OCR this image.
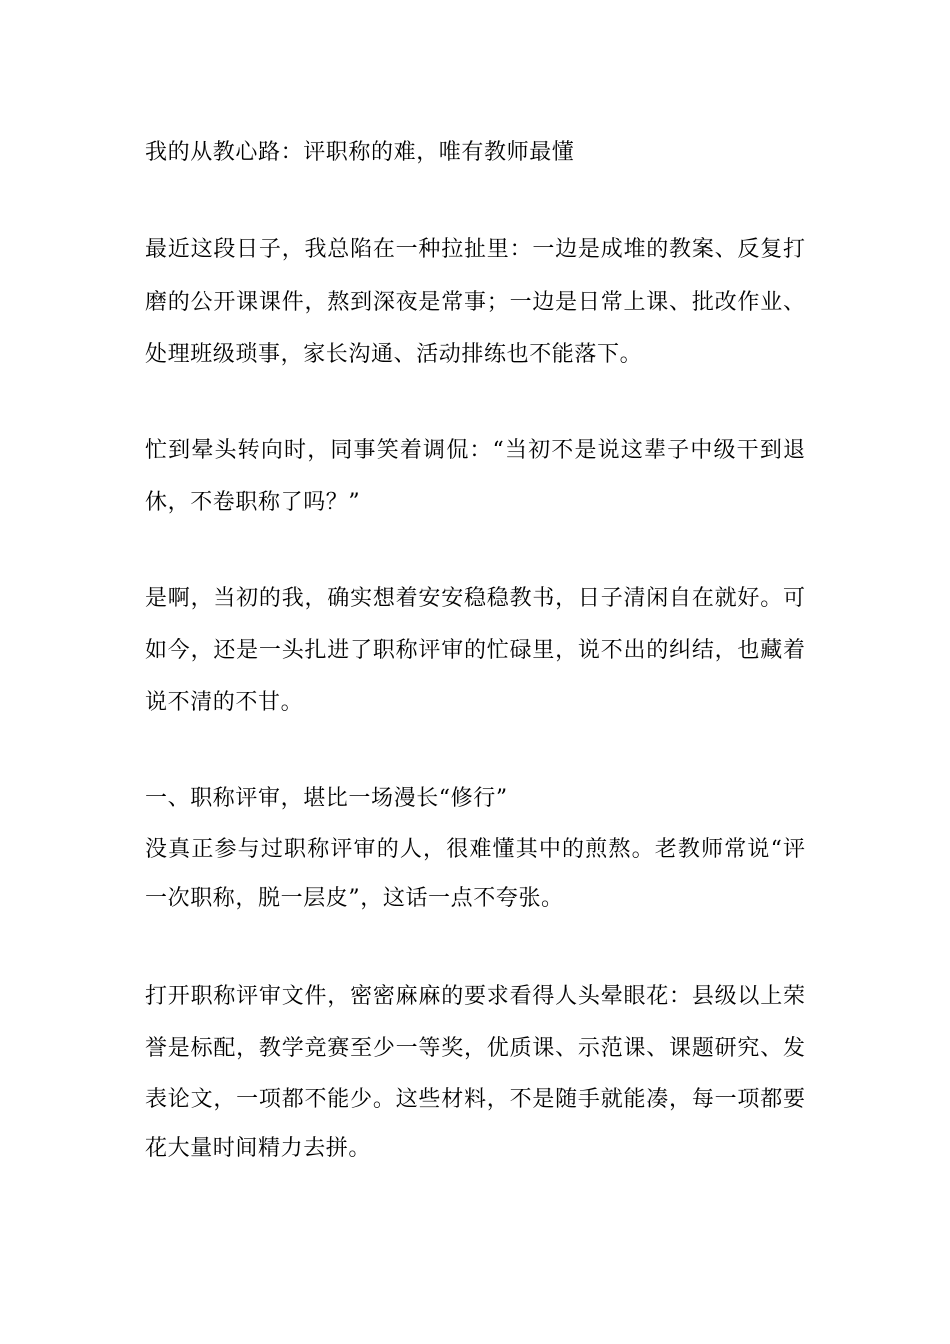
我的从教心路：评职称的难，唯有教师最懂
最近这段日子，我总陷在一种拉扯里：一边是成堆的教案、反复打
磨的公开课课件，熬到深夜是常事；一边是日常上课、批改作业、
处理班级琐事，家长沟通、活动排练也不能落下。
忙到晕头转向时，同事笑着调侃：“当初不是说这辈子中级干到退
休，不卷职称了吗？”
是啊，当初的我，确实想着安安稳稳教书，日子清闲自在就好。可
如今，还是一头扎进了职称评审的忙碌里，说不出的纠结，也藏着
说不清的不甘。
一、职称评审，堪比一场漫长“修行”
没真正参与过职称评审的人，很难懂其中的煎熬。老教师常说“评
一次职称，脱一层皮”，这话一点不夸张。
打开职称评审文件，密密麻麻的要求看得人头晕眼花：县级以上荣
誉是标配，教学竞赛至少一等奖，优质课、示范课、课题研究、发
表论文，一项都不能少。这些材料，不是随手就能凑，每一项都要
花大量时间精力去拼。
